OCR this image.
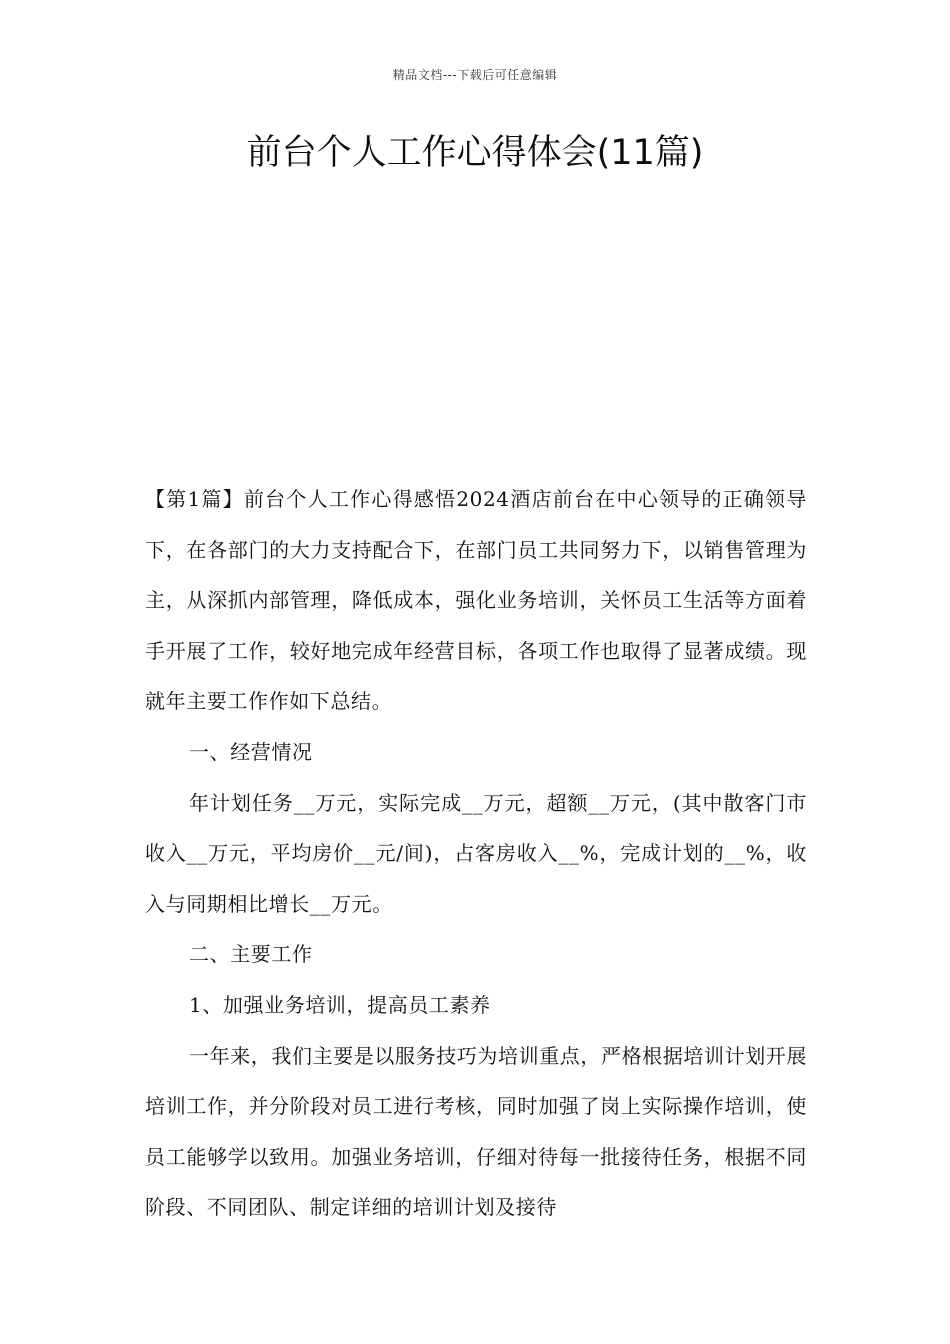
精品文档---下载后可任意编辑
前台个人工作心得体会(11篇)

【第1篇】前台个人工作心得感悟2024酒店前台在中心领导的正确领导下，在各部门的大力支持配合下，在部门员工共同努力下，以销售管理为主，从深抓内部管理，降低成本，强化业务培训，关怀员工生活等方面着手开展了工作，较好地完成年经营目标，各项工作也取得了显著成绩。现就年主要工作作如下总结。

一、经营情况

年计划任务__万元，实际完成__万元，超额__万元，(其中散客门市收入__万元，平均房价__元/间)，占客房收入__%，完成计划的__%，收入与同期相比增长__万元。

二、主要工作

1、加强业务培训，提高员工素养

一年来，我们主要是以服务技巧为培训重点，严格根据培训计划开展培训工作，并分阶段对员工进行考核，同时加强了岗上实际操作培训，使员工能够学以致用。加强业务培训，仔细对待每一批接待任务，根据不同阶段、不同团队、制定详细的培训计划及接待
